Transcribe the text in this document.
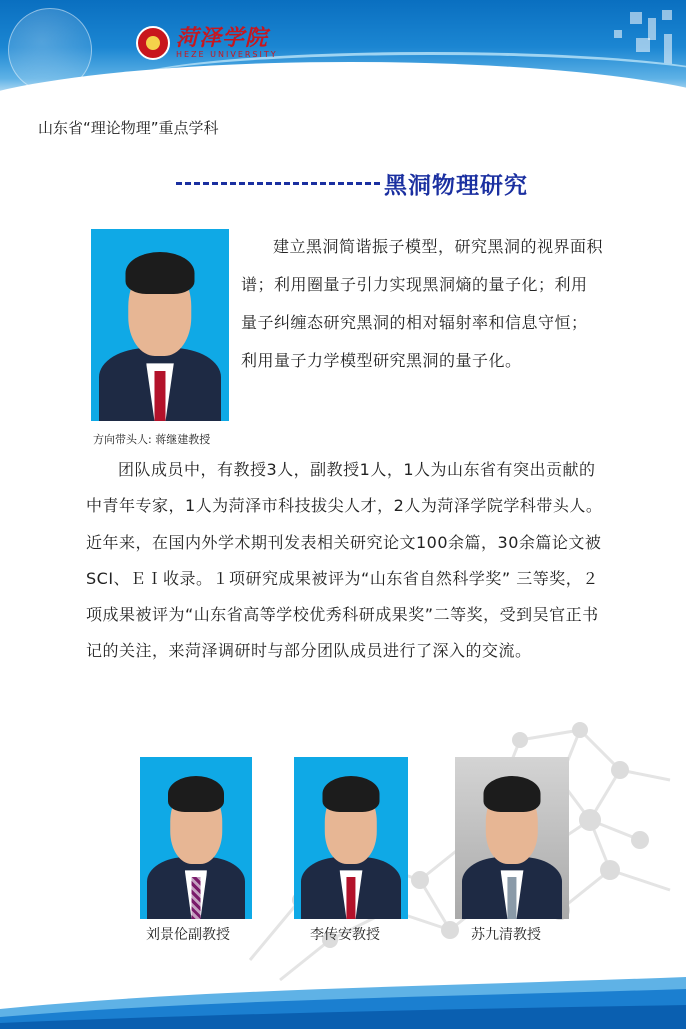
菏泽学院
HEZE UNIVERSITY
山东省“理论物理”重点学科
黑洞物理研究
方向带头人: 蒋继建教授

建立黑洞简谐振子模型，研究黑洞的视界面积谱；利用圈量子引力实现黑洞熵的量子化；利用量子纠缠态研究黑洞的相对辐射率和信息守恒；利用量子力学模型研究黑洞的量子化。

团队成员中，有教授3人，副教授1人，1人为山东省有突出贡献的中青年专家，1人为菏泽市科技拔尖人才，2人为菏泽学院学科带头人。近年来，在国内外学术期刊发表相关研究论文100余篇，30余篇论文被SCI、ＥＩ收录。１项研究成果被评为“山东省自然科学奖” 三等奖，２项成果被评为“山东省高等学校优秀科研成果奖”二等奖，受到吴官正书记的关注，来菏泽调研时与部分团队成员进行了深入的交流。

刘景伦副教授	李传安教授	苏九清教授
